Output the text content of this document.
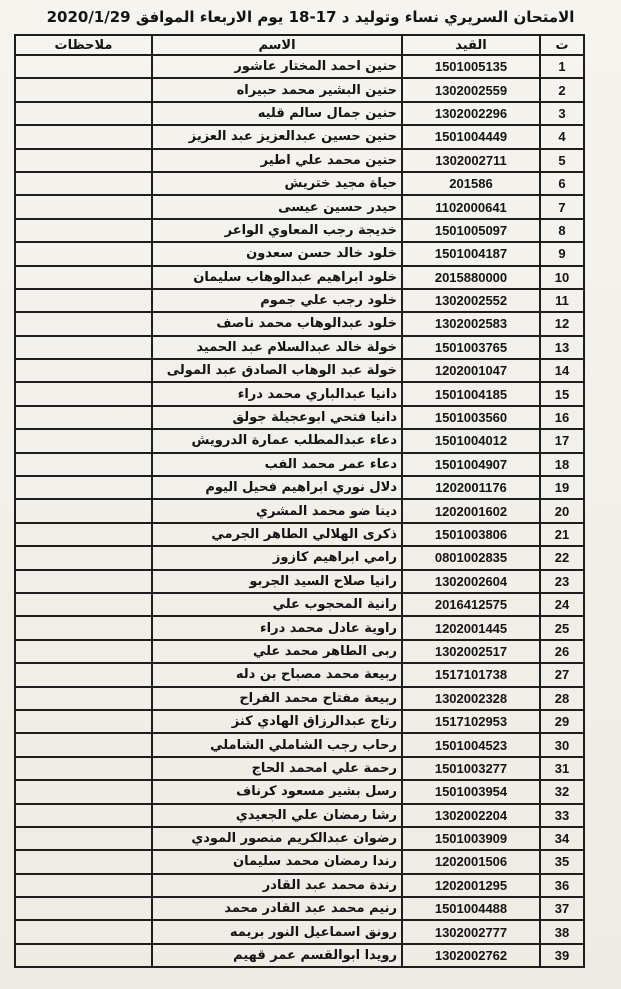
الامتحان السريري نساء وتوليد د 17-18 يوم الاربعاء الموافق 2020/1/29
ت	القيد	الاسم	ملاحظات
1	1501005135	حنين احمد المختار عاشور	
2	1302002559	حنين البشير محمد حبيراه	
3	1302002296	حنين جمال سالم قليه	
4	1501004449	حنين حسين عبدالعزيز عبد العزيز	
5	1302002711	حنين محمد علي اطير	
6	201586	حياة مجيد ختريش	
7	1102000641	حيدر حسين عيسى	
8	1501005097	خديجة رجب المعاوي الواعر	
9	1501004187	خلود خالد حسن سعدون	
10	2015880000	خلود ابراهيم عبدالوهاب سليمان	
11	1302002552	خلود رجب علي جموم	
12	1302002583	خلود عبدالوهاب محمد ناصف	
13	1501003765	خولة خالد عبدالسلام عبد الحميد	
14	1202001047	خولة عبد الوهاب الصادق عبد المولى	
15	1501004185	دانيا عبدالباري محمد دراء	
16	1501003560	دانيا فتحي ابوعجيلة جولق	
17	1501004012	دعاء عبدالمطلب عمارة الدرويش	
18	1501004907	دعاء عمر محمد الفب	
19	1202001176	دلال نوري ابراهيم فحيل اليوم	
20	1202001602	دينا ضو محمد المشري	
21	1501003806	ذكرى الهلالي الطاهر الجرمي	
22	0801002835	رامي ابراهيم كازوز	
23	1302002604	رانيا صلاح السيد الجربو	
24	2016412575	رانية المحجوب علي	
25	1202001445	راوية عادل محمد دراء	
26	1302002517	ربى الطاهر محمد علي	
27	1517101738	ربيعة محمد مصباح بن دله	
28	1302002328	ربيعة مفتاح محمد الفراح	
29	1517102953	رتاج عبدالرزاق الهادي كنز	
30	1501004523	رحاب رجب الشاملي الشاملي	
31	1501003277	رحمة علي امحمد الحاج	
32	1501003954	رسل بشير مسعود كرناف	
33	1302002204	رشا رمضان علي الجعيدي	
34	1501003909	رضوان عبدالكريم منصور المودي	
35	1202001506	رندا رمضان محمد سليمان	
36	1202001295	رندة محمد عبد القادر	
37	1501004488	رنيم محمد عبد القادر محمد	
38	1302002777	رونق اسماعيل النور بريمه	
39	1302002762	رويدا ابوالقسم عمر قهيم	
